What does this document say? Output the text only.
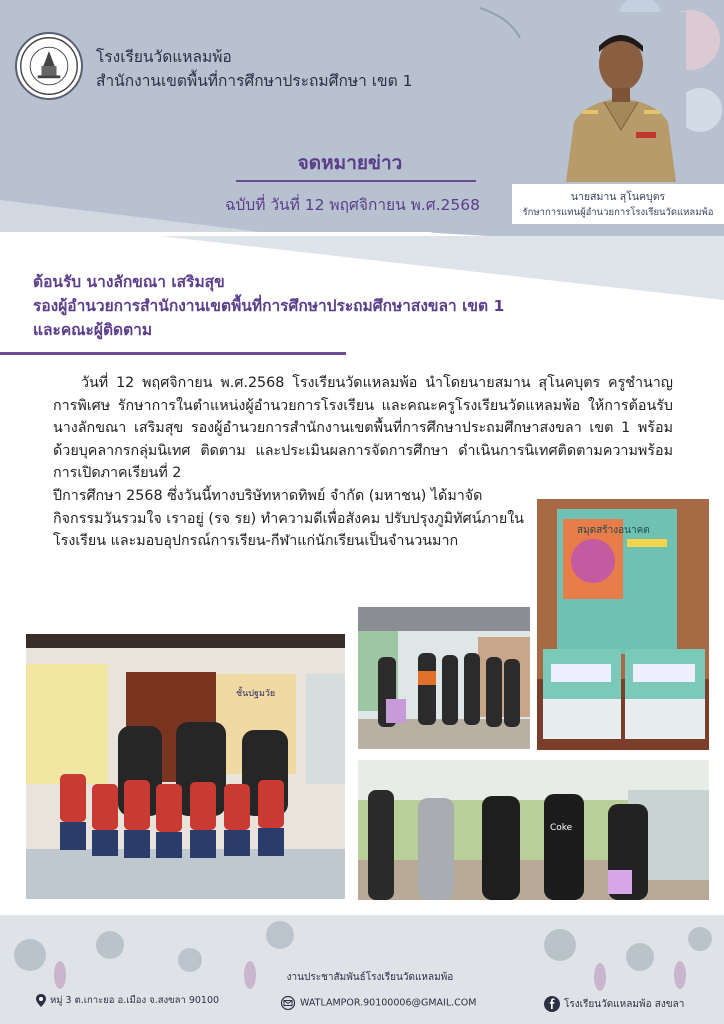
โรงเรียนวัดแหลมพ้อ
สำนักงานเขตพื้นที่การศึกษาประถมศึกษา เขต 1
จดหมายข่าว
ฉบับที่ วันที่ 12 พฤศจิกายน พ.ศ.2568	นายสมาน สุโนคบุตร
รักษาการแทนผู้อำนวยการโรงเรียนวัดแหลมพ้อ
ต้อนรับ นางลักขณา เสริมสุข
รองผู้อำนวยการสำนักงานเขตพื้นที่การศึกษาประถมศึกษาสงขลา เขต 1
และคณะผู้ติดตาม
วันที่ 12 พฤศจิกายน พ.ศ.2568 โรงเรียนวัดแหลมพ้อ นำโดยนายสมาน สุโนคบุตร ครูชำนาญการพิเศษ รักษาการในตำแหน่งผู้อำนวยการโรงเรียน และคณะครูโรงเรียนวัดแหลมพ้อ ให้การต้อนรับ นางลักขณา เสริมสุข รองผู้อำนวยการสำนักงานเขตพื้นที่การศึกษาประถมศึกษาสงขลา เขต 1 พร้อมด้วยบุคลากรกลุ่มนิเทศ ติดตาม และประเมินผลการจัดการศึกษา ดำเนินการนิเทศติดตามความพร้อมการเปิดภาคเรียนที่ 2
ปีการศึกษา 2568 ซึ่งวันนี้ทางบริษัทหาดทิพย์ จำกัด (มหาชน) ได้มาจัดกิจกรรมวันรวมใจ เราอยู่ (รจ รย) ทำความดีเพื่อสังคม ปรับปรุงภูมิทัศน์ภายในโรงเรียน และมอบอุปกรณ์การเรียน-กีฬาแก่นักเรียนเป็นจำนวนมาก
สมุดสร้างอนาคต
ชั้นปฐมวัย
Coke
งานประชาสัมพันธ์โรงเรียนวัดแหลมพ้อ
หมู่ 3 ต.เกาะยอ อ.เมือง จ.สงขลา 90100	WATLAMPOR.90100006@GMAIL.COM	โรงเรียนวัดแหลมพ้อ สงขลา
